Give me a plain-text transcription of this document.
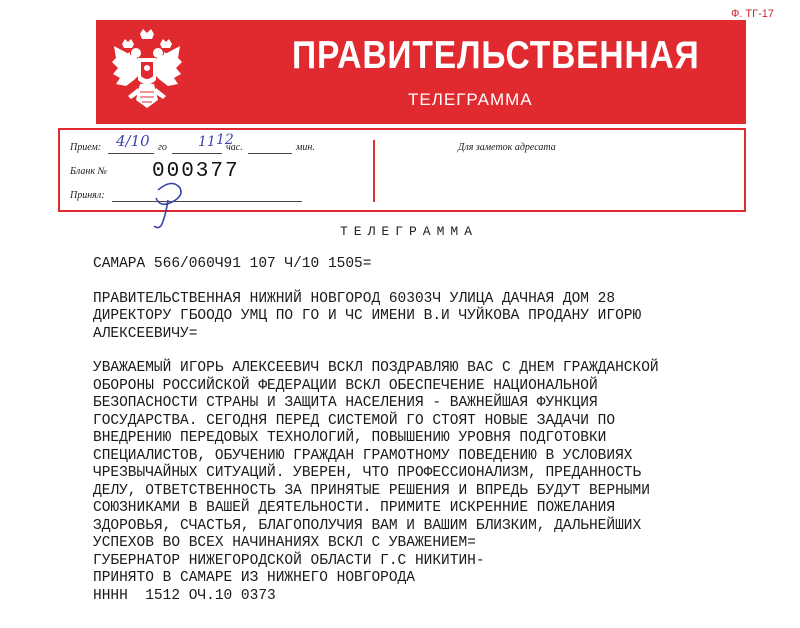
Ф. ТГ-17
ПРАВИТЕЛЬСТВЕННАЯ
ТЕЛЕГРАММА
Прием: 4/10 го 11 12
час.	мин.
Бланк № 000377
Принял:
Для заметок адресата
ТЕЛЕГРАММА
САМАРА 566/060Ч91 107 Ч/10 1505=
ПРАВИТЕЛЬСТВЕННАЯ НИЖНИЙ НОВГОРОД 60303Ч УЛИЦА ДАЧНАЯ ДОМ 28
ДИРЕКТОРУ ГБООДО УМЦ ПО ГО И ЧС ИМЕНИ В.И ЧУЙКОВА ПРОДАНУ ИГОРЮ
АЛЕКСЕЕВИЧУ=
УВАЖАЕМЫЙ ИГОРЬ АЛЕКСЕЕВИЧ ВСКЛ ПОЗДРАВЛЯЮ ВАС С ДНЕМ ГРАЖДАНСКОЙ
ОБОРОНЫ РОССИЙСКОЙ ФЕДЕРАЦИИ ВСКЛ ОБЕСПЕЧЕНИЕ НАЦИОНАЛЬНОЙ
БЕЗОПАСНОСТИ СТРАНЫ И ЗАЩИТА НАСЕЛЕНИЯ - ВАЖНЕЙШАЯ ФУНКЦИЯ
ГОСУДАРСТВА. СЕГОДНЯ ПЕРЕД СИСТЕМОЙ ГО СТОЯТ НОВЫЕ ЗАДАЧИ ПО
ВНЕДРЕНИЮ ПЕРЕДОВЫХ ТЕХНОЛОГИЙ, ПОВЫШЕНИЮ УРОВНЯ ПОДГОТОВКИ
СПЕЦИАЛИСТОВ, ОБУЧЕНИЮ ГРАЖДАН ГРАМОТНОМУ ПОВЕДЕНИЮ В УСЛОВИЯХ
ЧРЕЗВЫЧАЙНЫХ СИТУАЦИЙ. УВЕРЕН, ЧТО ПРОФЕССИОНАЛИЗМ, ПРЕДАННОСТЬ
ДЕЛУ, ОТВЕТСТВЕННОСТЬ ЗА ПРИНЯТЫЕ РЕШЕНИЯ И ВПРЕДЬ БУДУТ ВЕРНЫМИ
СОЮЗНИКАМИ В ВАШЕЙ ДЕЯТЕЛЬНОСТИ. ПРИМИТЕ ИСКРЕННИЕ ПОЖЕЛАНИЯ
ЗДОРОВЬЯ, СЧАСТЬЯ, БЛАГОПОЛУЧИЯ ВАМ И ВАШИМ БЛИЗКИМ, ДАЛЬНЕЙШИХ
УСПЕХОВ ВО ВСЕХ НАЧИНАНИЯХ ВСКЛ С УВАЖЕНИЕМ=
ГУБЕРНАТОР НИЖЕГОРОДСКОЙ ОБЛАСТИ Г.С НИКИТИН-
ПРИНЯТО В САМАРЕ ИЗ НИЖНЕГО НОВГОРОДА
НННН  1512 ОЧ.10 0373
